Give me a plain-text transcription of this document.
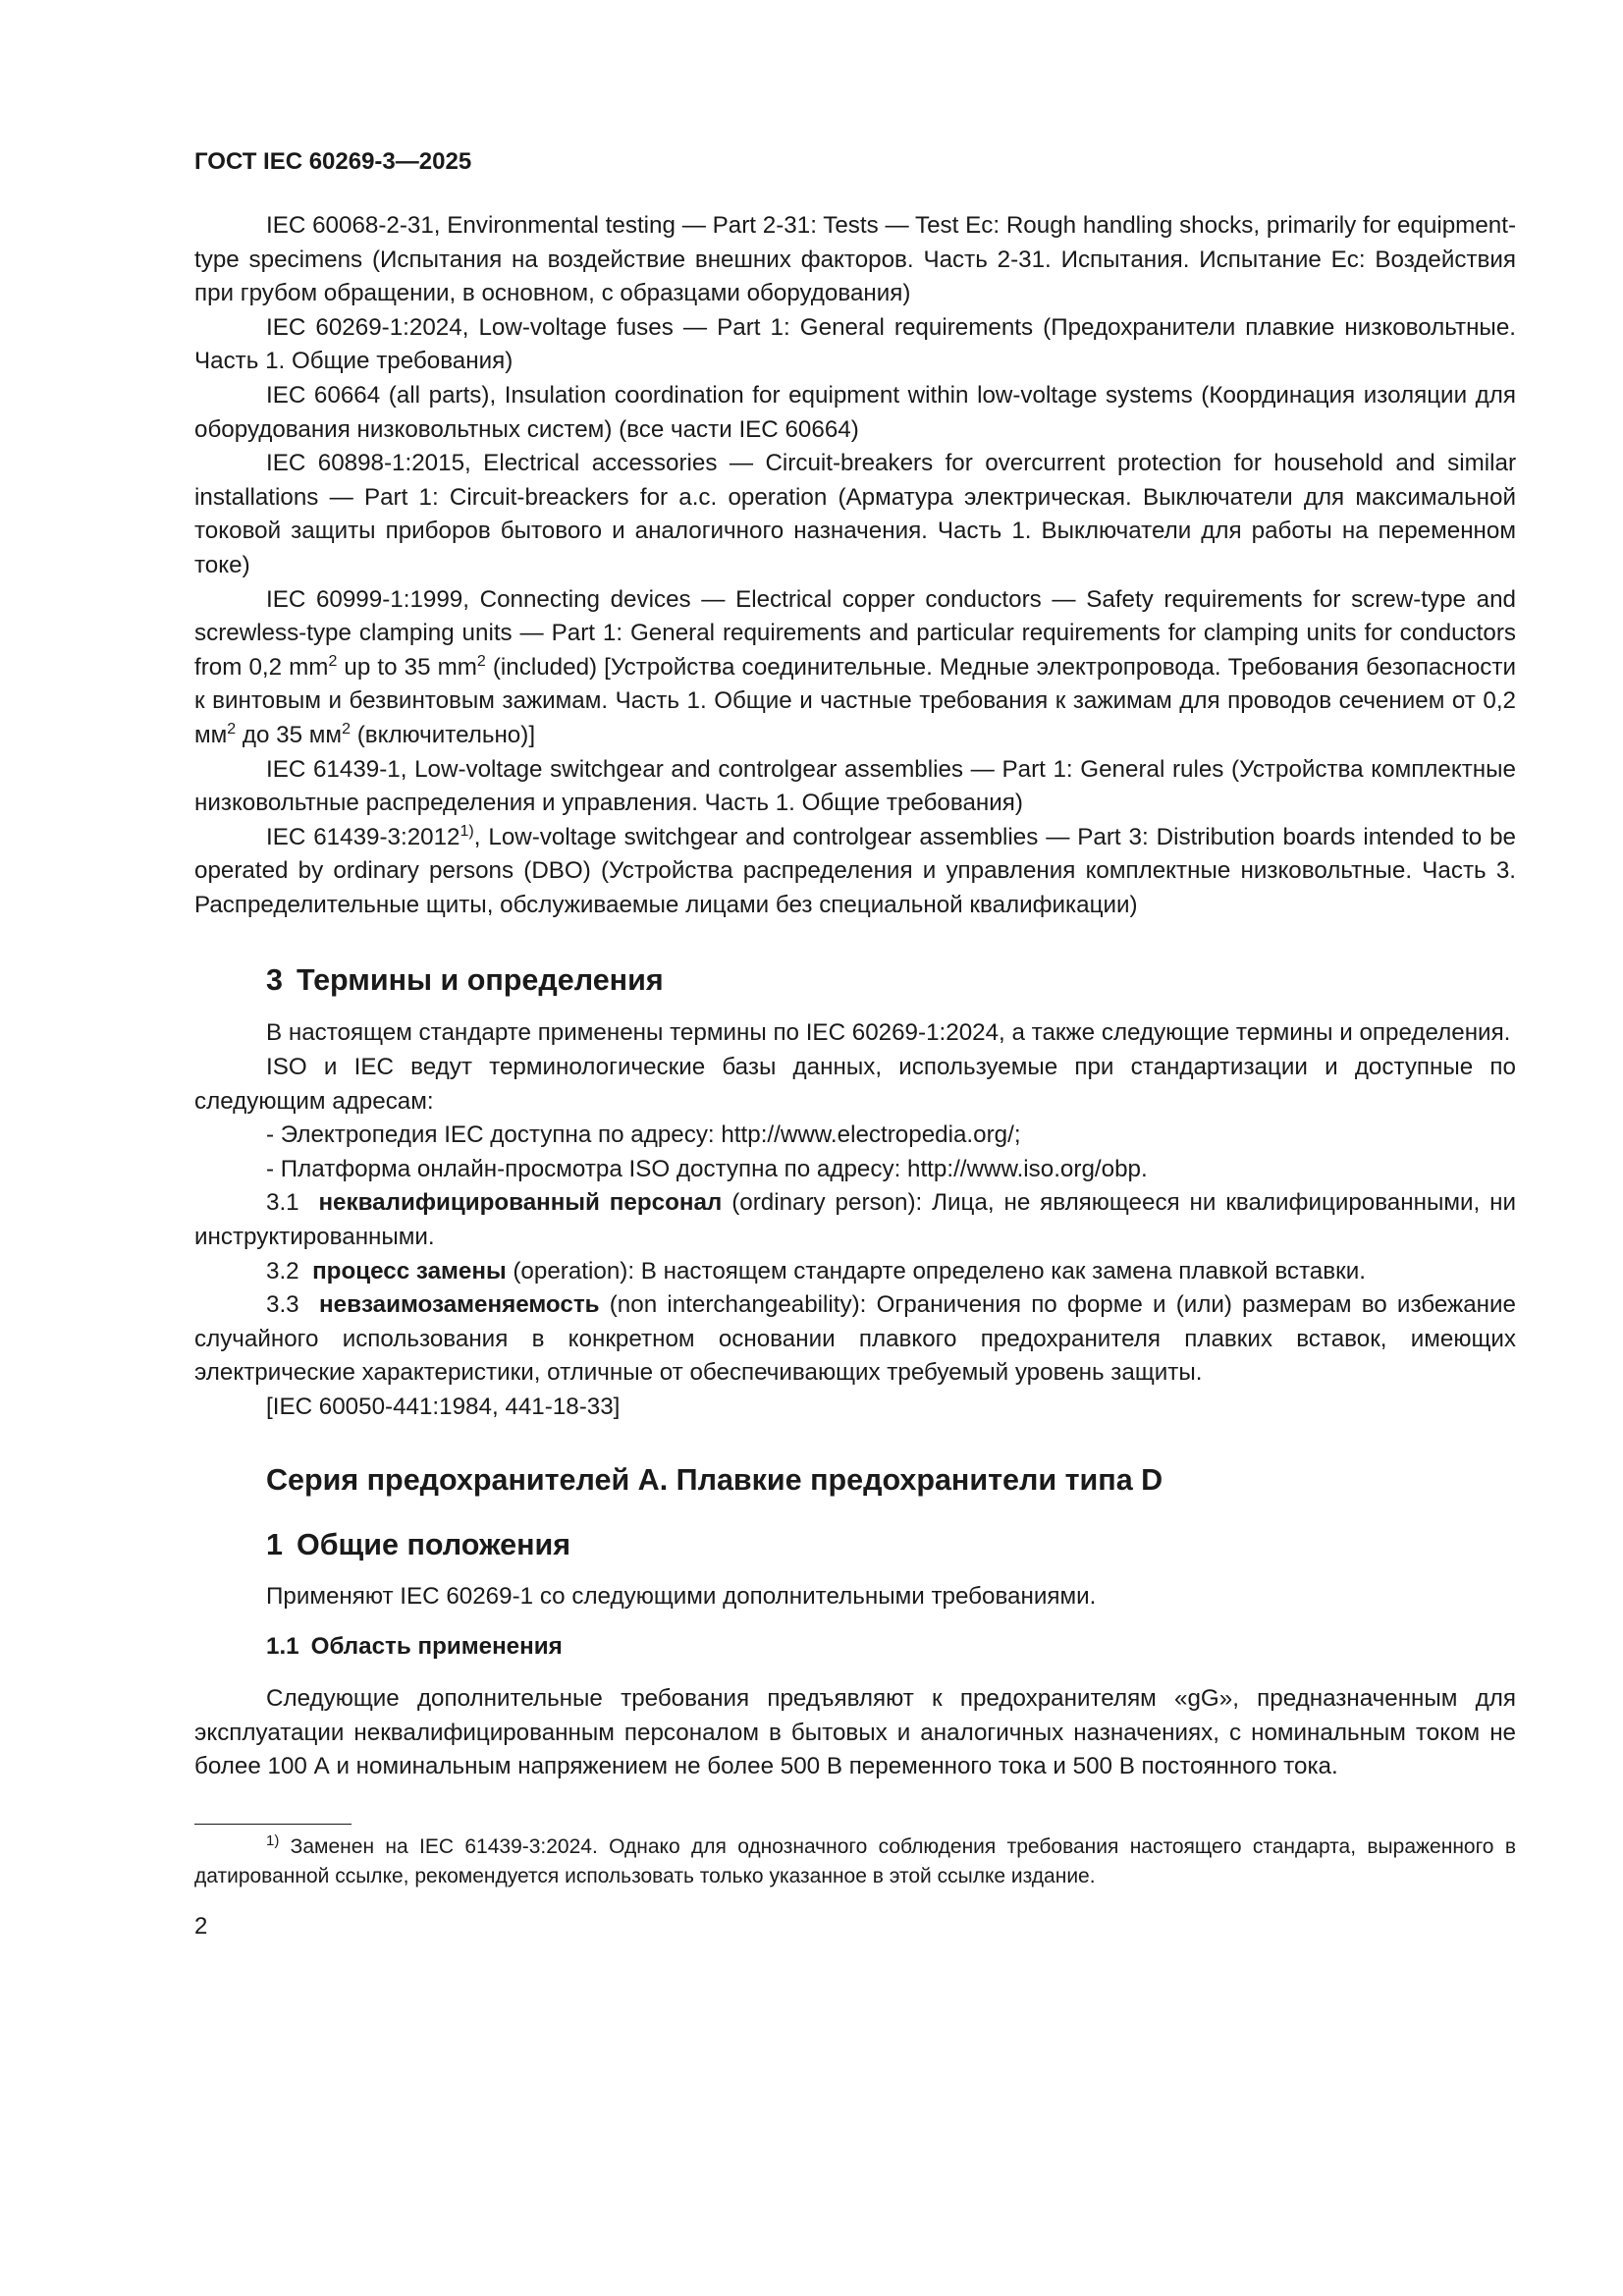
ГОСТ IEC 60269-3—2025

IEC 60068-2-31, Environmental testing — Part 2-31: Tests — Test Ec: Rough handling shocks, primarily for equipment-type specimens (Испытания на воздействие внешних факторов. Часть 2-31. Испытания. Испытание Ec: Воздействия при грубом обращении, в основном, с образцами оборудования)

IEC 60269-1:2024, Low-voltage fuses — Part 1: General requirements (Предохранители плавкие низковольтные. Часть 1. Общие требования)

IEC 60664 (all parts), Insulation coordination for equipment within low-voltage systems (Координация изоляции для оборудования низковольтных систем) (все части IEC 60664)

IEC 60898-1:2015, Electrical accessories — Circuit-breakers for overcurrent protection for household and similar installations — Part 1: Circuit-breackers for a.c. operation (Арматура электрическая. Выключатели для максимальной токовой защиты приборов бытового и аналогичного назначения. Часть 1. Выключатели для работы на переменном токе)

IEC 60999-1:1999, Connecting devices — Electrical copper conductors — Safety requirements for screw-type and screwless-type clamping units — Part 1: General requirements and particular requirements for clamping units for conductors from 0,2 $mm^2$ up to 35 $mm^2$ (included) [Устройства соединительные. Медные электропровода. Требования безопасности к винтовым и безвинтовым зажимам. Часть 1. Общие и частные требования к зажимам для проводов сечением от 0,2 $мм^2$ до 35 $мм^2$ (включительно)]

IEC 61439-1, Low-voltage switchgear and controlgear assemblies — Part 1: General rules (Устройства комплектные низковольтные распределения и управления. Часть 1. Общие требования)

IEC 61439-3:2012$^{1)}$, Low-voltage switchgear and controlgear assemblies — Part 3: Distribution boards intended to be operated by ordinary persons (DBO) (Устройства распределения и управления комплектные низковольтные. Часть 3. Распределительные щиты, обслуживаемые лицами без специальной квалификации)

3 Термины и определения

В настоящем стандарте применены термины по IEC 60269-1:2024, а также следующие термины и определения.

ISO и IEC ведут терминологические базы данных, используемые при стандартизации и доступные по следующим адресам:

- Электропедия IEC доступна по адресу: http://www.electropedia.org/;

- Платформа онлайн-просмотра ISO доступна по адресу: http://www.iso.org/obp.

3.1 неквалифицированный персонал (ordinary person): Лица, не являющееся ни квалифицированными, ни инструктированными.

3.2 процесс замены (operation): В настоящем стандарте определено как замена плавкой вставки.

3.3 невзаимозаменяемость (non interchangeability): Ограничения по форме и (или) размерам во избежание случайного использования в конкретном основании плавкого предохранителя плавких вставок, имеющих электрические характеристики, отличные от обеспечивающих требуемый уровень защиты.

[IEC 60050-441:1984, 441-18-33]

Серия предохранителей А. Плавкие предохранители типа D
1 Общие положения

Применяют IEC 60269-1 со следующими дополнительными требованиями.

1.1 Область применения

Следующие дополнительные требования предъявляют к предохранителям «gG», предназначенным для эксплуатации неквалифицированным персоналом в бытовых и аналогичных назначениях, с номинальным током не более 100 А и номинальным напряжением не более 500 В переменного тока и 500 В постоянного тока.

$^{1)}$ Заменен на IEC 61439-3:2024. Однако для однозначного соблюдения требования настоящего стандарта, выраженного в датированной ссылке, рекомендуется использовать только указанное в этой ссылке издание.

2
